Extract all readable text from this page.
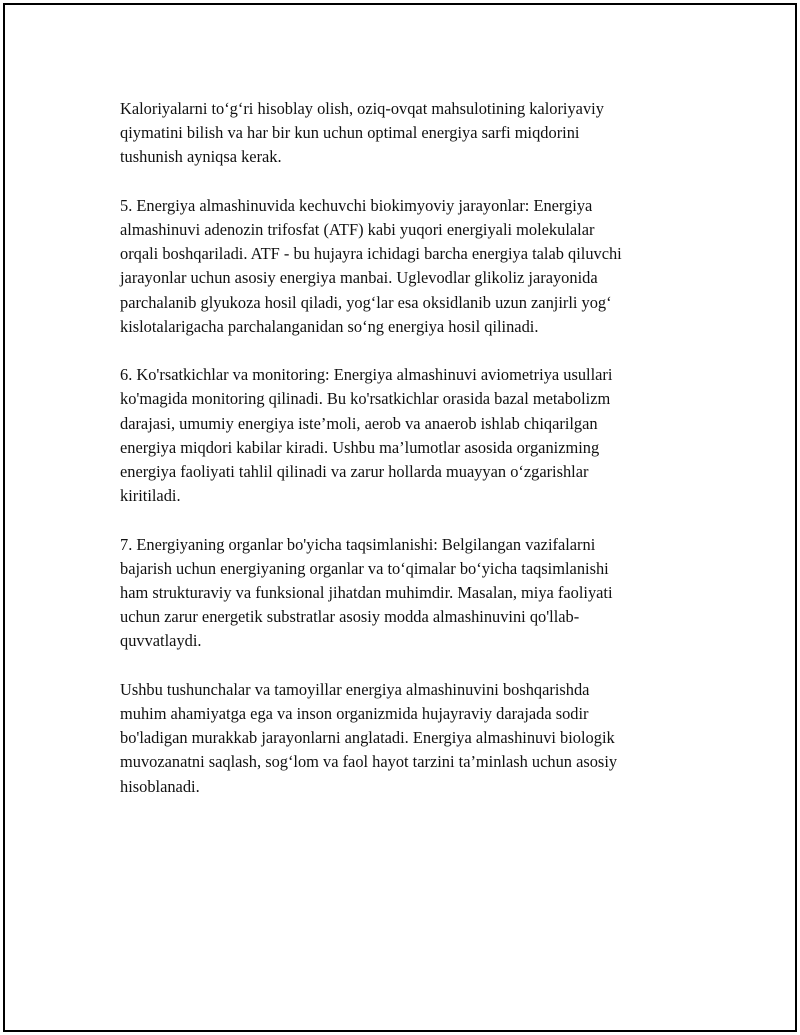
Kaloriyalarni to‘g‘ri hisoblay olish, oziq-ovqat mahsulotining kaloriyaviy
qiymatini bilish va har bir kun uchun optimal energiya sarfi miqdorini
tushunish ayniqsa kerak.

5. Energiya almashinuvida kechuvchi biokimyoviy jarayonlar: Energiya
almashinuvi adenozin trifosfat (ATF) kabi yuqori energiyali molekulalar
orqali boshqariladi. ATF - bu hujayra ichidagi barcha energiya talab qiluvchi
jarayonlar uchun asosiy energiya manbai. Uglevodlar glikoliz jarayonida
parchalanib glyukoza hosil qiladi, yog‘lar esa oksidlanib uzun zanjirli yog‘
kislotalarigacha parchalanganidan so‘ng energiya hosil qilinadi.

6. Ko'rsatkichlar va monitoring: Energiya almashinuvi aviometriya usullari
ko'magida monitoring qilinadi. Bu ko'rsatkichlar orasida bazal metabolizm
darajasi, umumiy energiya iste’moli, aerob va anaerob ishlab chiqarilgan
energiya miqdori kabilar kiradi. Ushbu ma’lumotlar asosida organizming
energiya faoliyati tahlil qilinadi va zarur hollarda muayyan o‘zgarishlar
kiritiladi.

7. Energiyaning organlar bo'yicha taqsimlanishi: Belgilangan vazifalarni
bajarish uchun energiyaning organlar va to‘qimalar bo‘yicha taqsimlanishi
ham strukturaviy va funksional jihatdan muhimdir. Masalan, miya faoliyati
uchun zarur energetik substratlar asosiy modda almashinuvini qo'llab-
quvvatlaydi.

Ushbu tushunchalar va tamoyillar energiya almashinuvini boshqarishda
muhim ahamiyatga ega va inson organizmida hujayraviy darajada sodir
bo'ladigan murakkab jarayonlarni anglatadi. Energiya almashinuvi biologik
muvozanatni saqlash, sog‘lom va faol hayot tarzini ta’minlash uchun asosiy
hisoblanadi.
